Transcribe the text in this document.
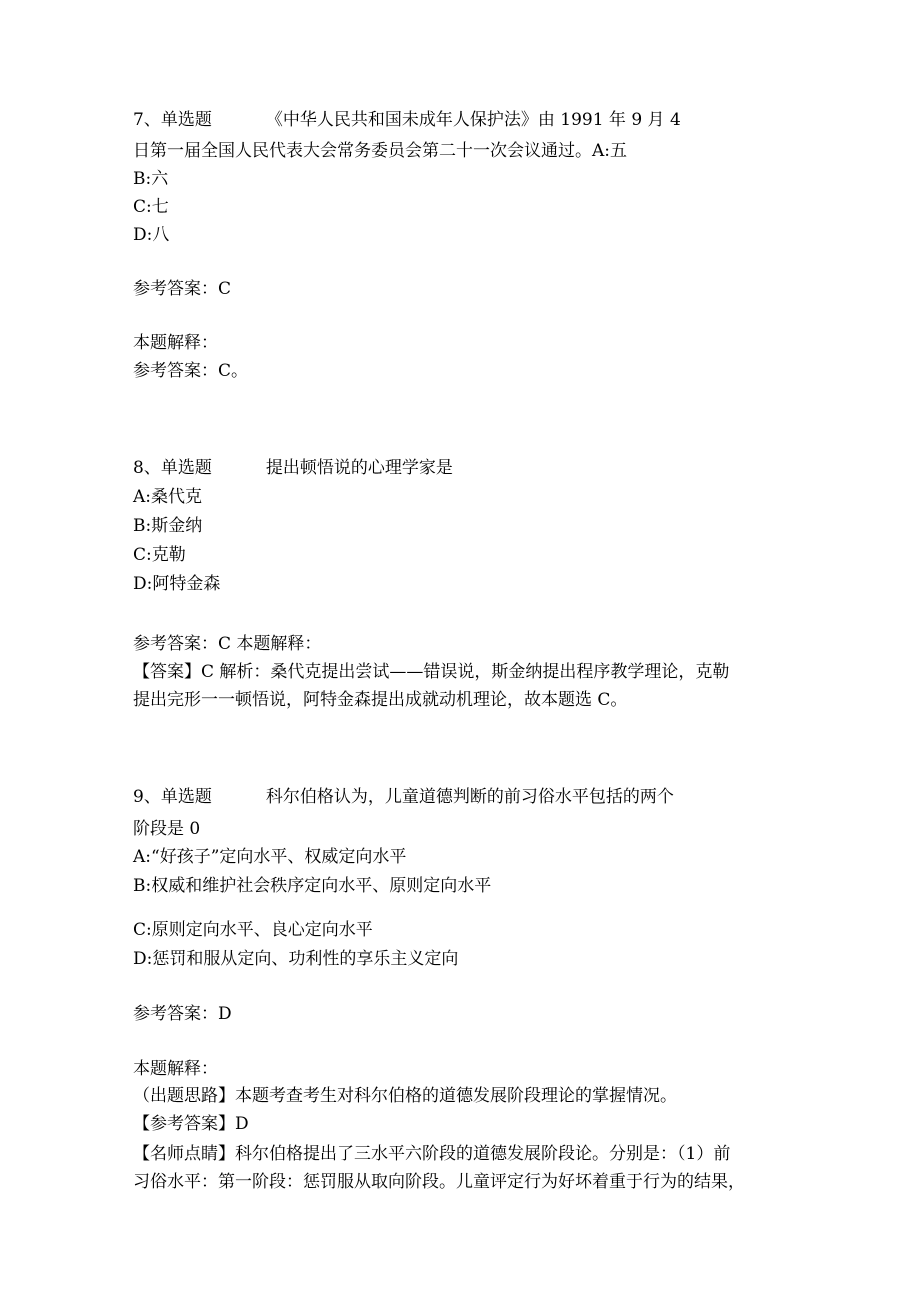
7、单选题          《中华人民共和国未成年人保护法》由 1991 年 9 月 4
日第一届全国人民代表大会常务委员会第二十一次会议通过。A:五
B:六
C:七
D:八
参考答案：C
本题解释：
参考答案：C。
8、单选题          提出顿悟说的心理学家是
A:桑代克
B:斯金纳
C:克勒
D:阿特金森
参考答案：C 本题解释：
【答案】C 解析：桑代克提出尝试——错误说，斯金纳提出程序教学理论，克勒
提出完形一一顿悟说，阿特金森提出成就动机理论，故本题选 C。
9、单选题          科尔伯格认为，儿童道德判断的前习俗水平包括的两个
阶段是 0
A:“好孩子”定向水平、权威定向水平
B:权威和维护社会秩序定向水平、原则定向水平
C:原则定向水平、良心定向水平
D:惩罚和服从定向、功利性的享乐主义定向
参考答案：D
本题解释：
（出题思路】本题考查考生对科尔伯格的道德发展阶段理论的掌握情况。
【参考答案】D
【名师点睛】科尔伯格提出了三水平六阶段的道德发展阶段论。分别是：（1）前
习俗水平：第一阶段：惩罚服从取向阶段。儿童评定行为好坏着重于行为的结果，
